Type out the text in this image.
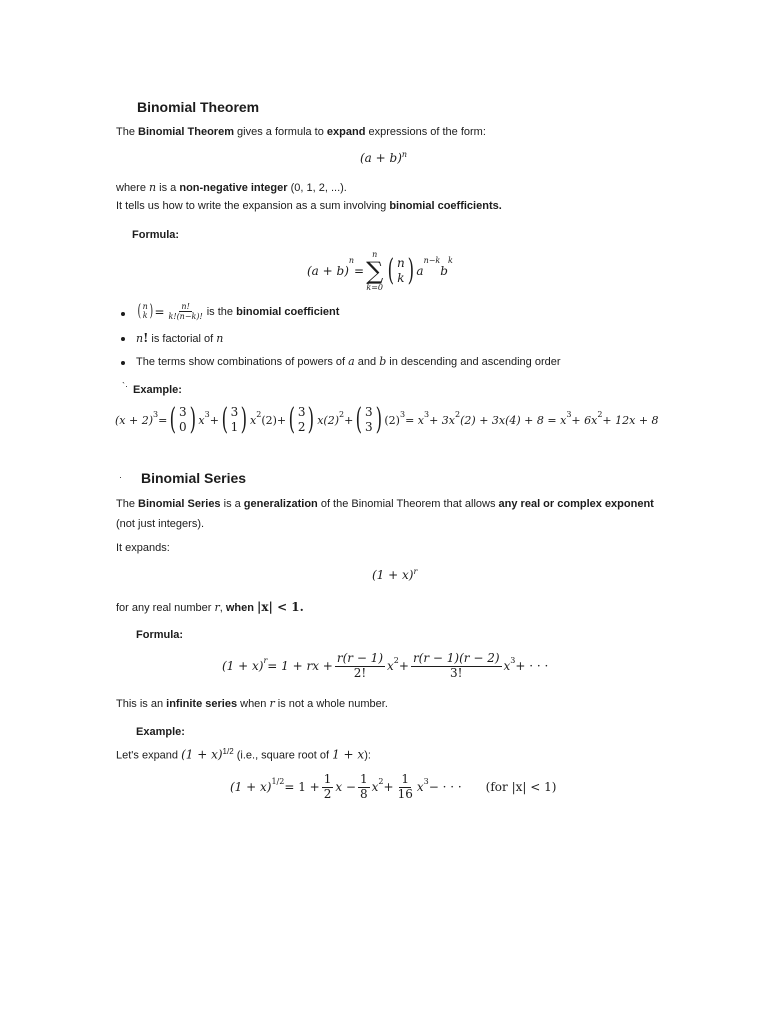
Binomial Theorem
The Binomial Theorem gives a formula to expand expressions of the form:
$(a + b)^n$
where n is a non-negative integer (0, 1, 2, ...).
It tells us how to write the expansion as a sum involving binomial coefficients.
Formula:
(a + b)
$^n$
=
n
∑
k=0 ( n
k ) a
$^{n-k}$
b
$^k$
( n
k ) = $\frac{n!}{k!(n-k)!}$ is the
binomial coefficient
n! is factorial of n
The terms show combinations of powers of a and b in descending and ascending order
`· Example:
$(x + 2)^3$ = ( 3
0 ) $x^3$ + ( 3
1 ) $x^2$ (2) + ( 3
2 ) $x(2)^2$ + ( 3
3 ) $(2)^3 = x^3 + 3x^2$ $(2) + 3x(4) + 8 = x^3 + 6x^2 + 12x + 8$
· Binomial Series
The Binomial Series is a generalization of the Binomial Theorem that allows any real or complex exponent
(not just integers).
It expands:
$(1 + x)^r$
for any real number r, when |x| < 1.
Formula:
$(1 + x)^r = 1$ + rx + $\frac{r(r - 1)}{2!} x^2 + \frac{r(r - 1)(r - 2)}{3!} x^3$ + · · ·
This is an infinite series when r is not a whole number.
Example:
Let's expand $(1 + x)^{1/2}$ (i.e., square root of 1 + x):
$(1 + x)^{1/2} = 1 + \frac{1}{2}$ $x - \frac{1}{8} x^2 + \frac{1}{16} x^3$ − · · · (for |x| < 1)
